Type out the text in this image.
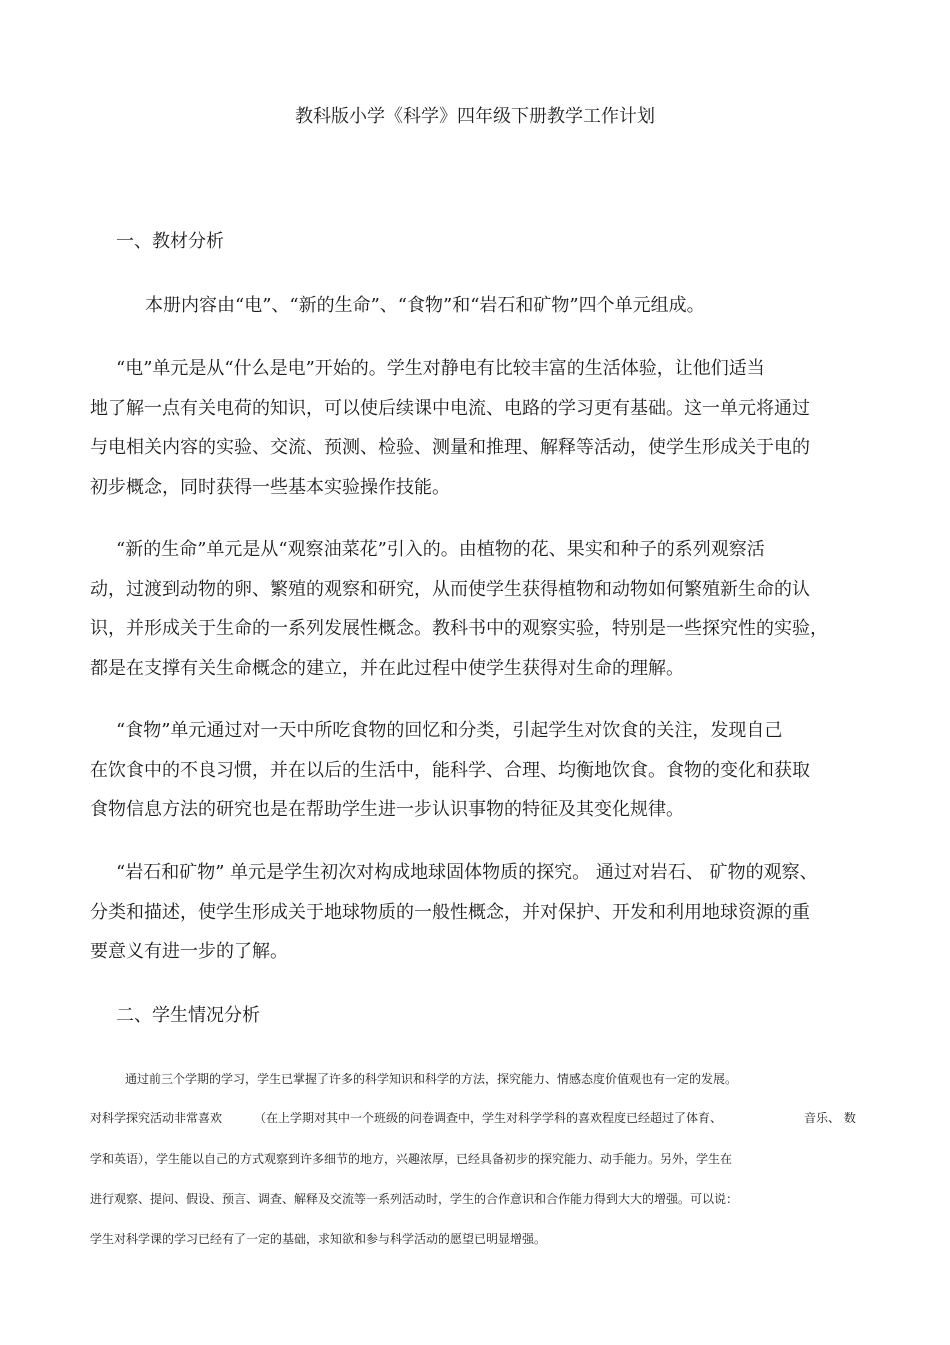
教科版小学《科学》四年级下册教学工作计划
一、教材分析
本册内容由“电”、“新的生命”、“食物”和“岩石和矿物”四个单元组成。
“电”单元是从“什么是电”开始的。学生对静电有比较丰富的生活体验，让他们适当
地了解一点有关电荷的知识，可以使后续课中电流、电路的学习更有基础。这一单元将通过
与电相关内容的实验、交流、预测、检验、测量和推理、解释等活动，使学生形成关于电的
初步概念，同时获得一些基本实验操作技能。
“新的生命”单元是从“观察油菜花”引入的。由植物的花、果实和种子的系列观察活
动，过渡到动物的卵、繁殖的观察和研究，从而使学生获得植物和动物如何繁殖新生命的认
识，并形成关于生命的一系列发展性概念。教科书中的观察实验，特别是一些探究性的实验，
都是在支撑有关生命概念的建立，并在此过程中使学生获得对生命的理解。
“食物”单元通过对一天中所吃食物的回忆和分类，引起学生对饮食的关注，发现自己
在饮食中的不良习惯，并在以后的生活中，能科学、合理、均衡地饮食。食物的变化和获取
食物信息方法的研究也是在帮助学生进一步认识事物的特征及其变化规律。
“岩石和矿物” 单元是学生初次对构成地球固体物质的探究。 通过对岩石、 矿物的观察、
分类和描述，使学生形成关于地球物质的一般性概念，并对保护、开发和利用地球资源的重
要意义有进一步的了解。
二、学生情况分析
通过前三个学期的学习，学生已掌握了许多的科学知识和科学的方法，探究能力、情感态度价值观也有一定的发展。
对科学探究活动非常喜欢	（在上学期对其中一个班级的问卷调查中，学生对科学学科的喜欢程度已经超过了体育、	音乐、 数
学和英语），学生能以自己的方式观察到许多细节的地方，兴趣浓厚，已经具备初步的探究能力、动手能力。另外，学生在
进行观察、提问、假设、预言、调查、解释及交流等一系列活动时，学生的合作意识和合作能力得到大大的增强。可以说：
学生对科学课的学习已经有了一定的基础，求知欲和参与科学活动的愿望已明显增强。
